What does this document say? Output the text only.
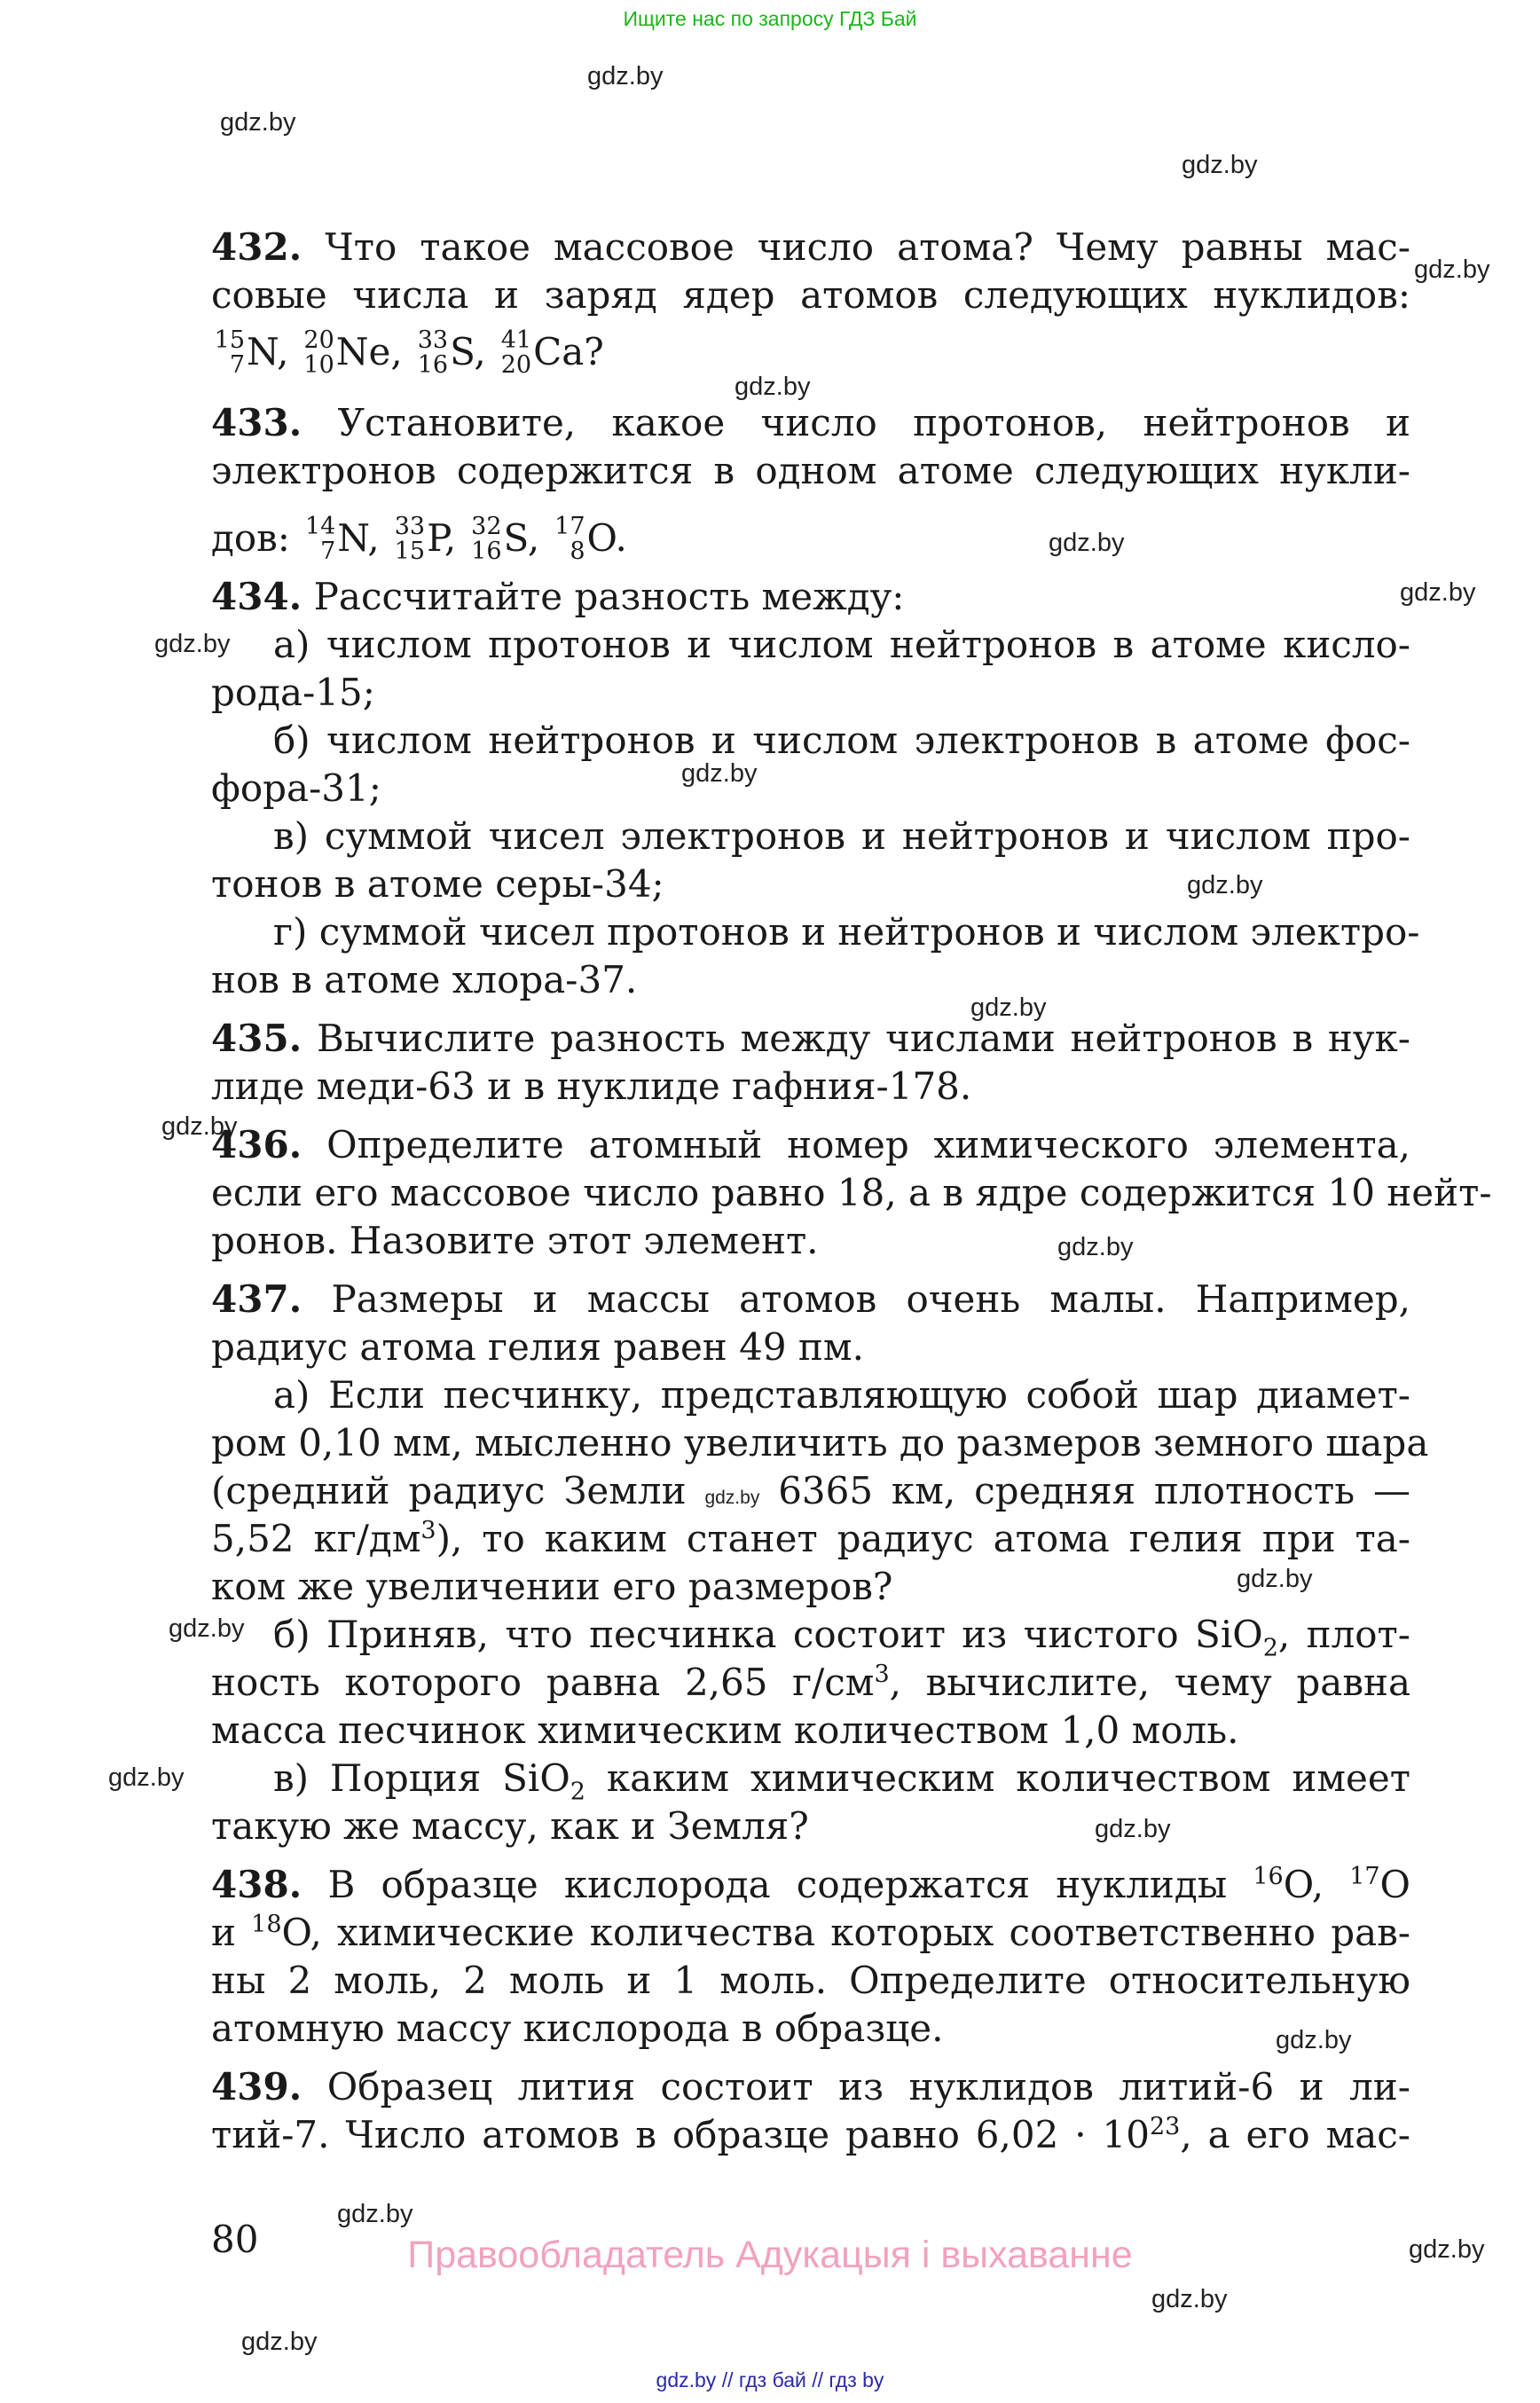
Ищите нас по запросу ГДЗ Бай
gdz.by
gdz.by
gdz.by
gdz.by
gdz.by
gdz.by
gdz.by
gdz.by
gdz.by
gdz.by
gdz.by
gdz.by
gdz.by
gdz.by
gdz.by
gdz.by
gdz.by
gdz.by
gdz.by
gdz.by
gdz.by
gdz.by
432. Что такое массовое число атома? Чему равны мас-
совые числа и заряд ядер атомов следующих нуклидов:
15
7 N, 20
10 Ne, 33
16 S, 41
20 Ca?
433. Установите, какое число протонов, нейтронов и
электронов содержится в одном атоме следующих нукли-
дов: 14
7 N, 33
15 P, 32
16 S, 17
8 O.
434. Рассчитайте разность между:
а) числом протонов и числом нейтронов в атоме кисло-
рода-15;
б) числом нейтронов и числом электронов в атоме фос-
фора-31;
в) суммой чисел электронов и нейтронов и числом про-
тонов в атоме серы-34;
г) суммой чисел протонов и нейтронов и числом электро-
нов в атоме хлора-37.
435. Вычислите разность между числами нейтронов в нук-
лиде меди-63 и в нуклиде гафния-178.
436. Определите атомный номер химического элемента,
если его массовое число равно 18, а в ядре содержится 10 нейт-
ронов. Назовите этот элемент.
437. Размеры и массы атомов очень малы. Например,
радиус атома гелия равен 49 пм.
а) Если песчинку, представляющую собой шар диамет-
ром 0,10 мм, мысленно увеличить до размеров земного шара
(средний радиус Земли gdz.by 6365 км, средняя плотность —
5,52 $кг/дм^3$), то каким станет радиус атома гелия при та-
ком же увеличении его размеров?
б) Приняв, что песчинка состоит из чистого SiO$_2$, плот-
ность которого равна 2,65 $г/см^3$, вычислите, чему равна
масса песчинок химическим количеством 1,0 моль.
в) Порция SiO$_2$ каким химическим количеством имеет
такую же массу, как и Земля?
438. В образце кислорода содержатся нуклиды $^{16}$O, $^{17}$O
и $^{18}$O, химические количества которых соответственно рав-
ны 2 моль, 2 моль и 1 моль. Определите относительную
атомную массу кислорода в образце.
439. Образец лития состоит из нуклидов литий-6 и ли-
тий-7. Число атомов в образце равно $6,02 \cdot 10^{23}$, а его мас-
80	Правообладатель Адукацыя і выхаванне
gdz.by // гдз бай // гдз by
